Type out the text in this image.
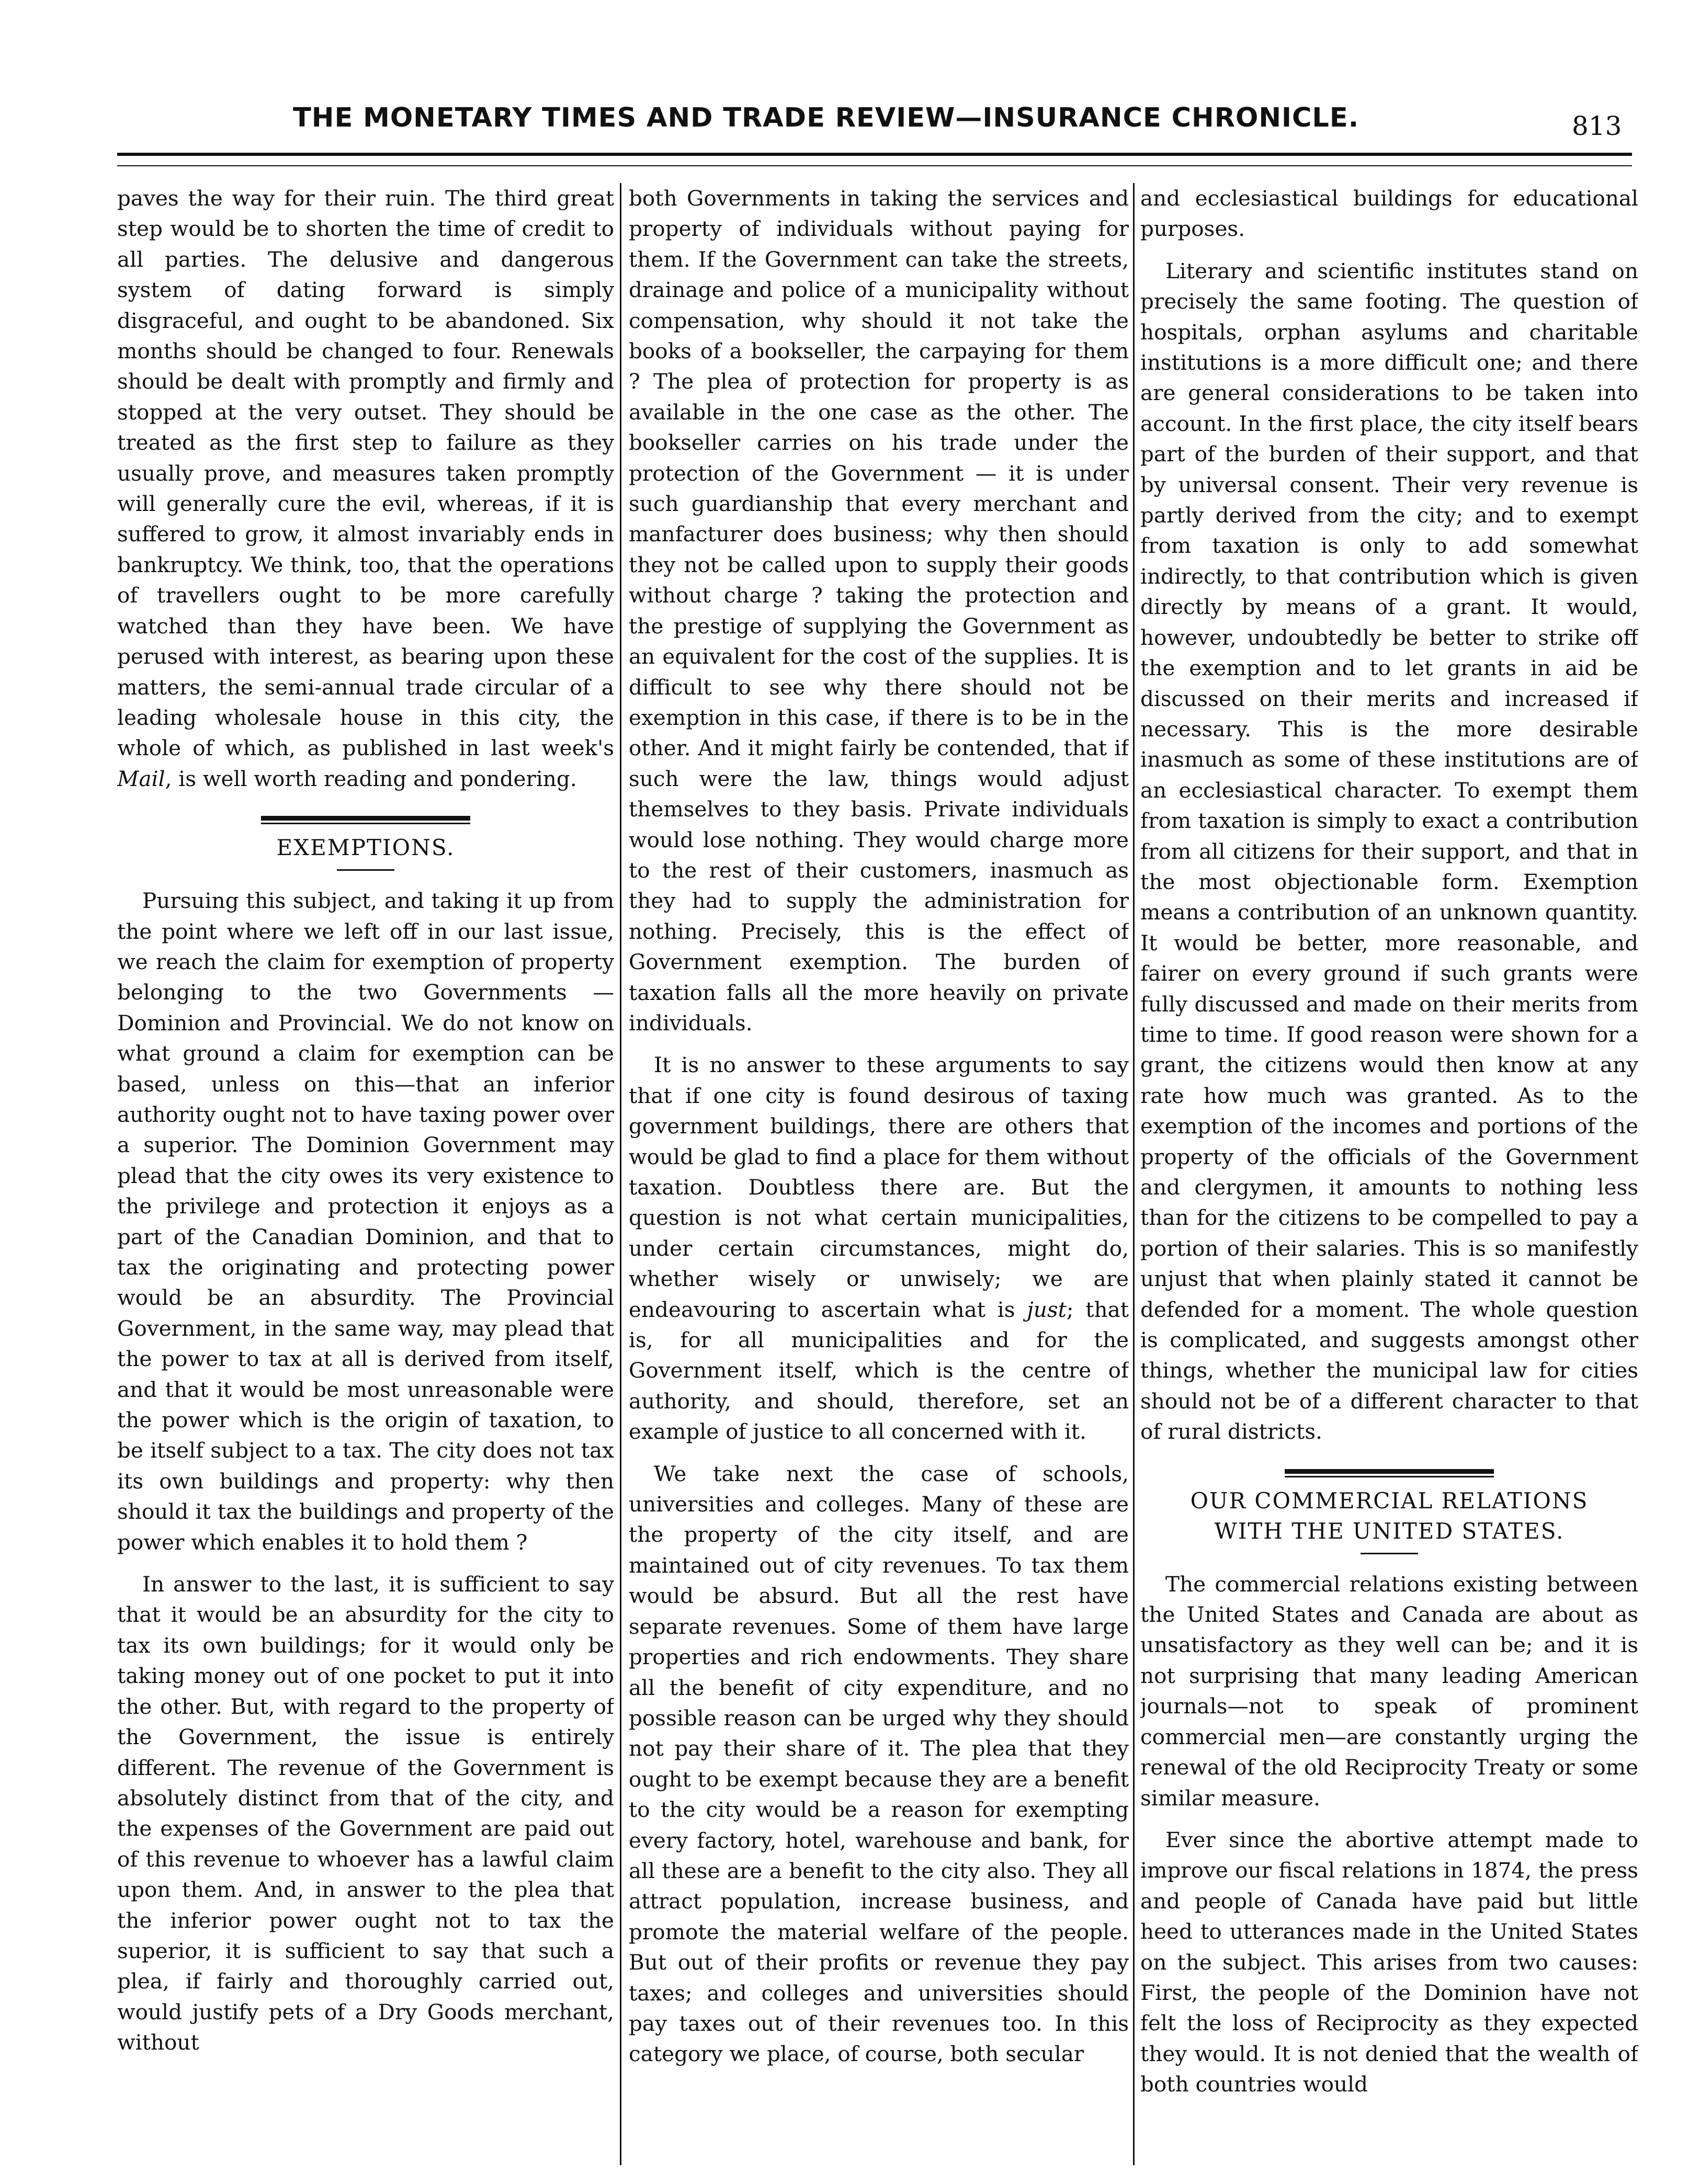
THE MONETARY TIMES AND TRADE REVIEW—INSURANCE CHRONICLE.	813

paves the way for their ruin. The third great step would be to shorten the time of credit to all parties. The delusive and dangerous system of dating forward is simply disgraceful, and ought to be abandoned. Six months should be changed to four. Renewals should be dealt with promptly and firmly and stopped at the very outset. They should be treated as the first step to failure as they usually prove, and measures taken promptly will generally cure the evil, whereas, if it is suffered to grow, it almost invariably ends in bankruptcy. We think, too, that the operations of travellers ought to be more carefully watched than they have been. We have perused with interest, as bearing upon these matters, the semi-annual trade circular of a leading wholesale house in this city, the whole of which, as published in last week's Mail, is well worth reading and pondering.

EXEMPTIONS.

Pursuing this subject, and taking it up from the point where we left off in our last issue, we reach the claim for exemption of property belonging to the two Governments —Dominion and Provincial. We do not know on what ground a claim for exemption can be based, unless on this—that an inferior authority ought not to have taxing power over a superior. The Dominion Government may plead that the city owes its very existence to the privilege and protection it enjoys as a part of the Canadian Dominion, and that to tax the originating and protecting power would be an absurdity. The Provincial Government, in the same way, may plead that the power to tax at all is derived from itself, and that it would be most unreasonable were the power which is the origin of taxation, to be itself subject to a tax. The city does not tax its own buildings and property: why then should it tax the buildings and property of the power which enables it to hold them ?

In answer to the last, it is sufficient to say that it would be an absurdity for the city to tax its own buildings; for it would only be taking money out of one pocket to put it into the other. But, with regard to the property of the Government, the issue is entirely different. The revenue of the Government is absolutely distinct from that of the city, and the expenses of the Government are paid out of this revenue to whoever has a lawful claim upon them. And, in answer to the plea that the inferior power ought not to tax the superior, it is sufficient to say that such a plea, if fairly and thoroughly carried out, would justify pets of a Dry Goods merchant, without

both Governments in taking the services and property of individuals without paying for them. If the Government can take the streets, drainage and police of a municipality without compensation, why should it not take the books of a bookseller, the carpaying for them ? The plea of protection for property is as available in the one case as the other. The bookseller carries on his trade under the protection of the Government — it is under such guardianship that every merchant and manfacturer does business; why then should they not be called upon to supply their goods without charge ? taking the protection and the prestige of supplying the Government as an equivalent for the cost of the supplies. It is difficult to see why there should not be exemption in this case, if there is to be in the other. And it might fairly be contended, that if such were the law, things would adjust themselves to they basis. Private individuals would lose nothing. They would charge more to the rest of their customers, inasmuch as they had to supply the administration for nothing. Precisely, this is the effect of Government exemption. The burden of taxation falls all the more heavily on private individuals.

It is no answer to these arguments to say that if one city is found desirous of taxing government buildings, there are others that would be glad to find a place for them without taxation. Doubtless there are. But the question is not what certain municipalities, under certain circumstances, might do, whether wisely or unwisely; we are endeavouring to ascertain what is just; that is, for all municipalities and for the Government itself, which is the centre of authority, and should, therefore, set an example of justice to all concerned with it.

We take next the case of schools, universities and colleges. Many of these are the property of the city itself, and are maintained out of city revenues. To tax them would be absurd. But all the rest have separate revenues. Some of them have large properties and rich endowments. They share all the benefit of city expenditure, and no possible reason can be urged why they should not pay their share of it. The plea that they ought to be exempt because they are a benefit to the city would be a reason for exempting every factory, hotel, warehouse and bank, for all these are a benefit to the city also. They all attract population, increase business, and promote the material welfare of the people. But out of their profits or revenue they pay taxes; and colleges and universities should pay taxes out of their revenues too. In this category we place, of course, both secular

and ecclesiastical buildings for educational purposes.

Literary and scientific institutes stand on precisely the same footing. The question of hospitals, orphan asylums and charitable institutions is a more difficult one; and there are general considerations to be taken into account. In the first place, the city itself bears part of the burden of their support, and that by universal consent. Their very revenue is partly derived from the city; and to exempt from taxation is only to add somewhat indirectly, to that contribution which is given directly by means of a grant. It would, however, undoubtedly be better to strike off the exemption and to let grants in aid be discussed on their merits and increased if necessary. This is the more desirable inasmuch as some of these institutions are of an ecclesiastical character. To exempt them from taxation is simply to exact a contribution from all citizens for their support, and that in the most objectionable form. Exemption means a contribution of an unknown quantity. It would be better, more reasonable, and fairer on every ground if such grants were fully discussed and made on their merits from time to time. If good reason were shown for a grant, the citizens would then know at any rate how much was granted. As to the exemption of the incomes and portions of the property of the officials of the Government and clergymen, it amounts to nothing less than for the citizens to be compelled to pay a portion of their salaries. This is so manifestly unjust that when plainly stated it cannot be defended for a moment. The whole question is complicated, and suggests amongst other things, whether the municipal law for cities should not be of a different character to that of rural districts.

OUR COMMERCIAL RELATIONS
WITH THE UNITED STATES.

The commercial relations existing between the United States and Canada are about as unsatisfactory as they well can be; and it is not surprising that many leading American journals—not to speak of prominent commercial men—are constantly urging the renewal of the old Reciprocity Treaty or some similar measure.

Ever since the abortive attempt made to improve our fiscal relations in 1874, the press and people of Canada have paid but little heed to utterances made in the United States on the subject. This arises from two causes: First, the people of the Dominion have not felt the loss of Reciprocity as they expected they would. It is not denied that the wealth of both countries would
